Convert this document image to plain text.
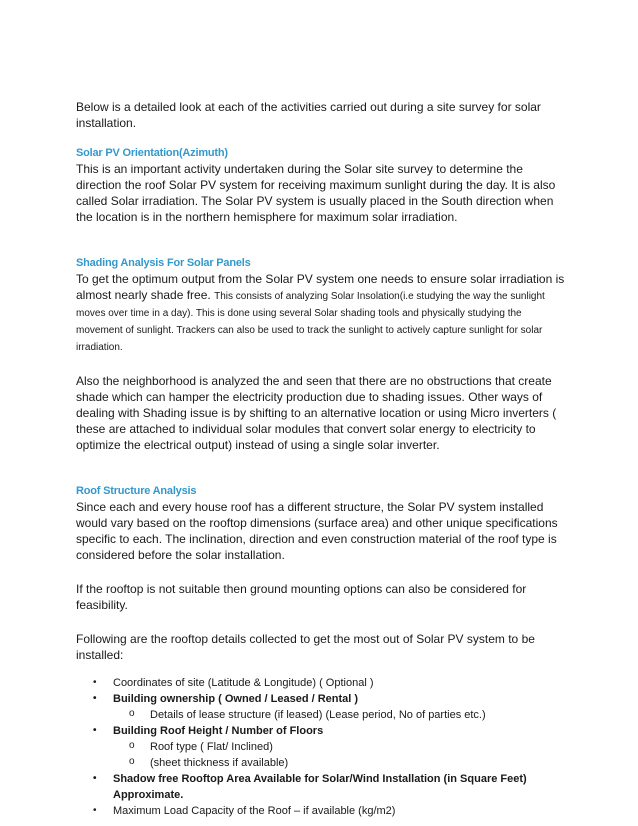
Below is a detailed look at each of the activities carried out during a site survey for solar installation.

Solar PV Orientation(Azimuth)

This is an important activity undertaken during the Solar site survey to determine the direction the roof Solar PV system for receiving maximum sunlight during the day. It is also called Solar irradiation. The Solar PV system is usually placed in the South direction when the location is in the northern hemisphere for maximum solar irradiation.

Shading Analysis For Solar Panels

To get the optimum output from the Solar PV system one needs to ensure solar irradiation is almost nearly shade free. This consists of analyzing Solar Insolation(i.e studying the way the sunlight moves over time in a day). This is done using several Solar shading tools and physically studying the movement of sunlight. Trackers can also be used to track the sunlight to actively capture sunlight for solar irradiation.

Also the neighborhood is analyzed the and seen that there are no obstructions that create shade which can hamper the electricity production due to shading issues. Other ways of dealing with Shading issue is by shifting to an alternative location or using Micro inverters ( these are attached to individual solar modules that convert solar energy to electricity to optimize the electrical output) instead of using a single solar inverter.

Roof Structure Analysis

Since each and every house roof has a different structure, the Solar PV system installed would vary based on the rooftop dimensions (surface area) and other unique specifications specific to each. The inclination, direction and even construction material of the roof type is considered before the solar installation.

If the rooftop is not suitable then ground mounting options can also be considered for feasibility.

Following are the rooftop details collected to get the most out of Solar PV system to be installed:

• Coordinates of site (Latitude & Longitude) ( Optional )
• Building ownership ( Owned / Leased / Rental )
o Details of lease structure (if leased) (Lease period, No of parties etc.)
• Building Roof Height / Number of Floors
o Roof type ( Flat/ Inclined)
o (sheet thickness if available)
• Shadow free Rooftop Area Available for Solar/Wind Installation (in Square Feet) Approximate.
• Maximum Load Capacity of the Roof – if available (kg/m2)
